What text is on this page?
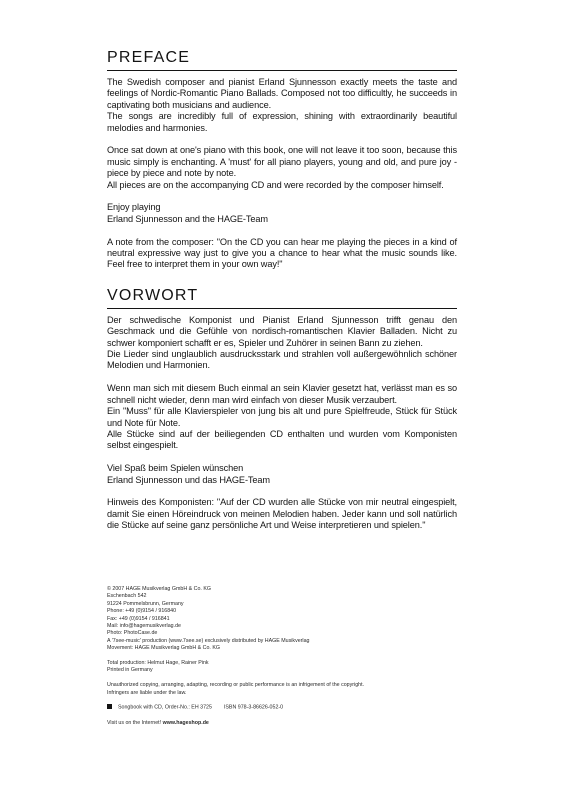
PREFACE

The Swedish composer and pianist Erland Sjunnesson exactly meets the taste and feelings of Nordic-Romantic Piano Ballads. Composed not too difficultly, he succeeds in captivating both musicians and audience.

The songs are incredibly full of expression, shining with extraordinarily beautiful melodies and harmonies.

Once sat down at one's piano with this book, one will not leave it too soon, because this music simply is enchanting. A 'must' for all piano players, young and old, and pure joy - piece by piece and note by note.

All pieces are on the accompanying CD and were recorded by the composer himself.

Enjoy playing

Erland Sjunnesson and the HAGE-Team

A note from the composer: "On the CD you can hear me playing the pieces in a kind of neutral expressive way just to give you a chance to hear what the music sounds like. Feel free to interpret them in your own way!"

VORWORT

Der schwedische Komponist und Pianist Erland Sjunnesson trifft genau den Geschmack und die Gefühle von nordisch-romantischen Klavier Balladen. Nicht zu schwer komponiert schafft er es, Spieler und Zuhörer in seinen Bann zu ziehen.

Die Lieder sind unglaublich ausdrucksstark und strahlen voll außergewöhnlich schöner Melodien und Harmonien.

Wenn man sich mit diesem Buch einmal an sein Klavier gesetzt hat, verlässt man es so schnell nicht wieder, denn man wird einfach von dieser Musik verzaubert.

Ein "Muss" für alle Klavierspieler von jung bis alt und pure Spielfreude, Stück für Stück und Note für Note.

Alle Stücke sind auf der beiliegenden CD enthalten und wurden vom Komponisten selbst eingespielt.

Viel Spaß beim Spielen wünschen

Erland Sjunnesson und das HAGE-Team

Hinweis des Komponisten: "Auf der CD wurden alle Stücke von mir neutral eingespielt, damit Sie einen Höreindruck von meinen Melodien haben. Jeder kann und soll natürlich die Stücke auf seine ganz persönliche Art und Weise interpretieren und spielen."

© 2007 HAGE Musikverlag GmbH & Co. KG

Eschenbach 542

91224 Pommelsbrunn, Germany

Phone: +49 (0)9154 / 916840

Fax: +49 (0)9154 / 916841

Mail: info@hagemusikverlag.de

Photo: PhotoCase.de

A '7see-music' production (www.7see.se) exclusively distributed by HAGE Musikverlag

Movement: HAGE Musikverlag GmbH & Co. KG

Total production: Helmut Hage, Rainer Pink

Printed in Germany

Unauthorized copying, arranging, adapting, recording or public performance is an infrigement of the copyright.

Infringers are liable under the law.

Songbook with CD, Order-No.: EH 3725 ISBN 978-3-86626-052-0

Visit us on the Internet! www.hageshop.de
